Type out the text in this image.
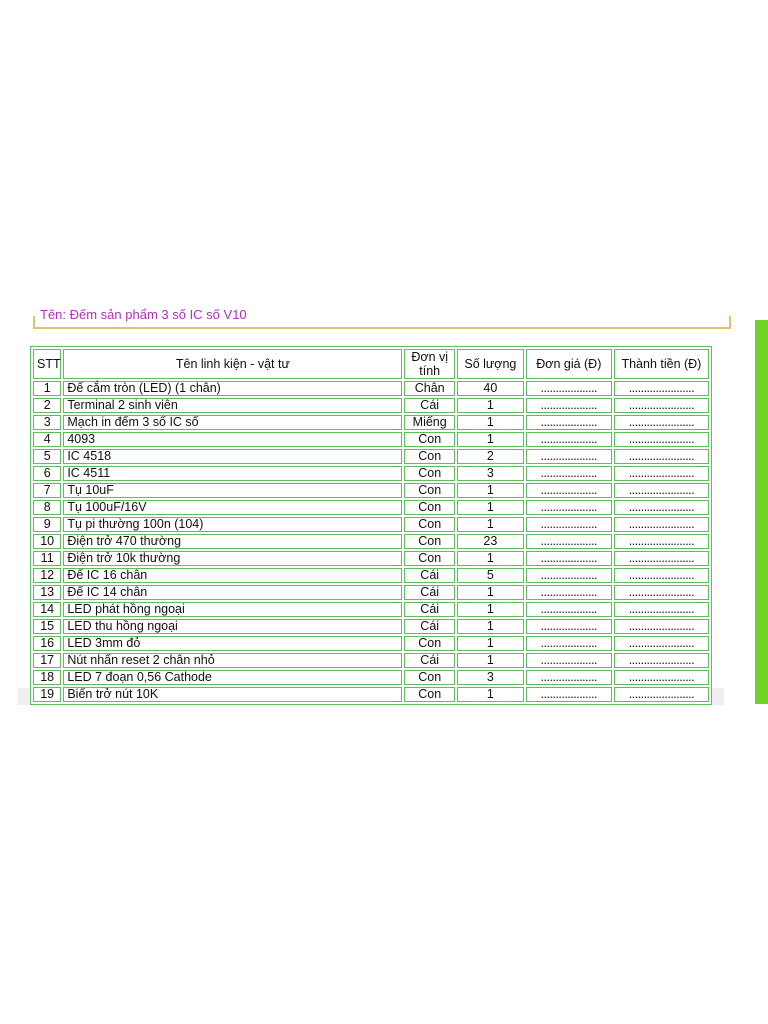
Tên: Đếm sản phẩm 3 số IC số V10
STT	Tên linh kiện - vật tư	Đơn vị tính	Số lượng	Đơn giá (Đ)	Thành tiền (Đ)
1	Đế cắm tròn (LED) (1 chân)	Chân	40	...................	......................
2	Terminal 2 sinh viên	Cái	1	...................	......................
3	Mạch in đếm 3 số IC số	Miếng	1	...................	......................
4	4093	Con	1	...................	......................
5	IC 4518	Con	2	...................	......................
6	IC 4511	Con	3	...................	......................
7	Tụ 10uF	Con	1	...................	......................
8	Tụ 100uF/16V	Con	1	...................	......................
9	Tụ pi thường 100n (104)	Con	1	...................	......................
10	Điện trở 470 thường	Con	23	...................	......................
11	Điện trở 10k thường	Con	1	...................	......................
12	Đế IC 16 chân	Cái	5	...................	......................
13	Đế IC 14 chân	Cái	1	...................	......................
14	LED phát hồng ngoại	Cái	1	...................	......................
15	LED thu hồng ngoại	Cái	1	...................	......................
16	LED 3mm đỏ	Con	1	...................	......................
17	Nút nhấn reset 2 chân nhỏ	Cái	1	...................	......................
18	LED 7 đoạn 0,56 Cathode	Con	3	...................	......................
19	Biến trở nút 10K	Con	1	...................	......................
